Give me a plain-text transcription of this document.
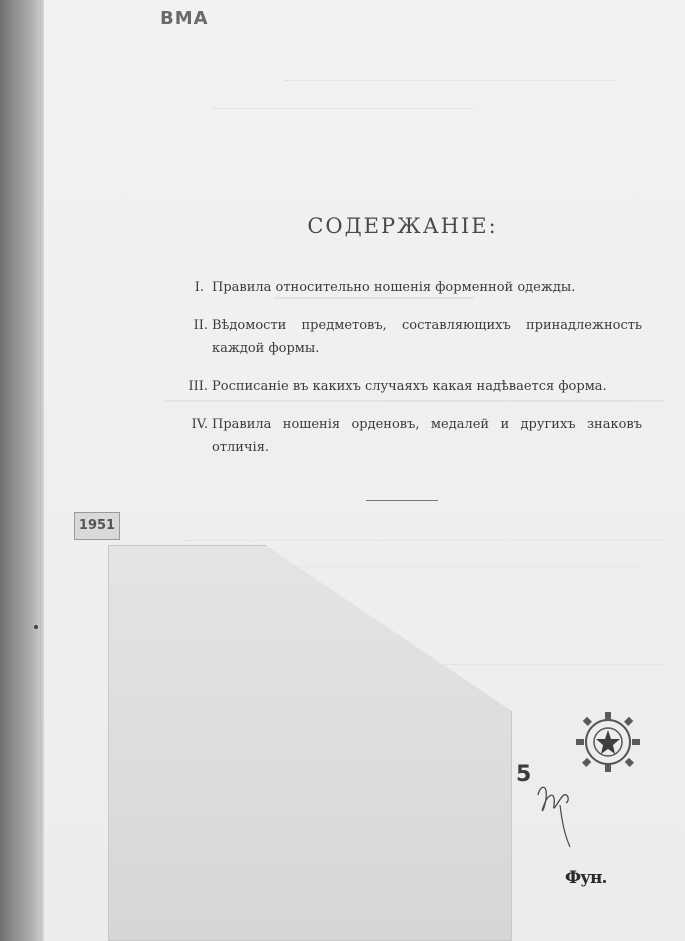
ВМА
СОДЕРЖАНІЕ:
I. Правила относительно ношенія форменной одежды.
II. Вѣдомости предметовъ, составляющихъ принадлежность каждой формы.
III. Росписаніе въ какихъ случаяхъ какая надѣвается форма.
IV. Правила ношенія орденовъ, медалей и другихъ знаковъ отличія.
1951
5
Фун.
